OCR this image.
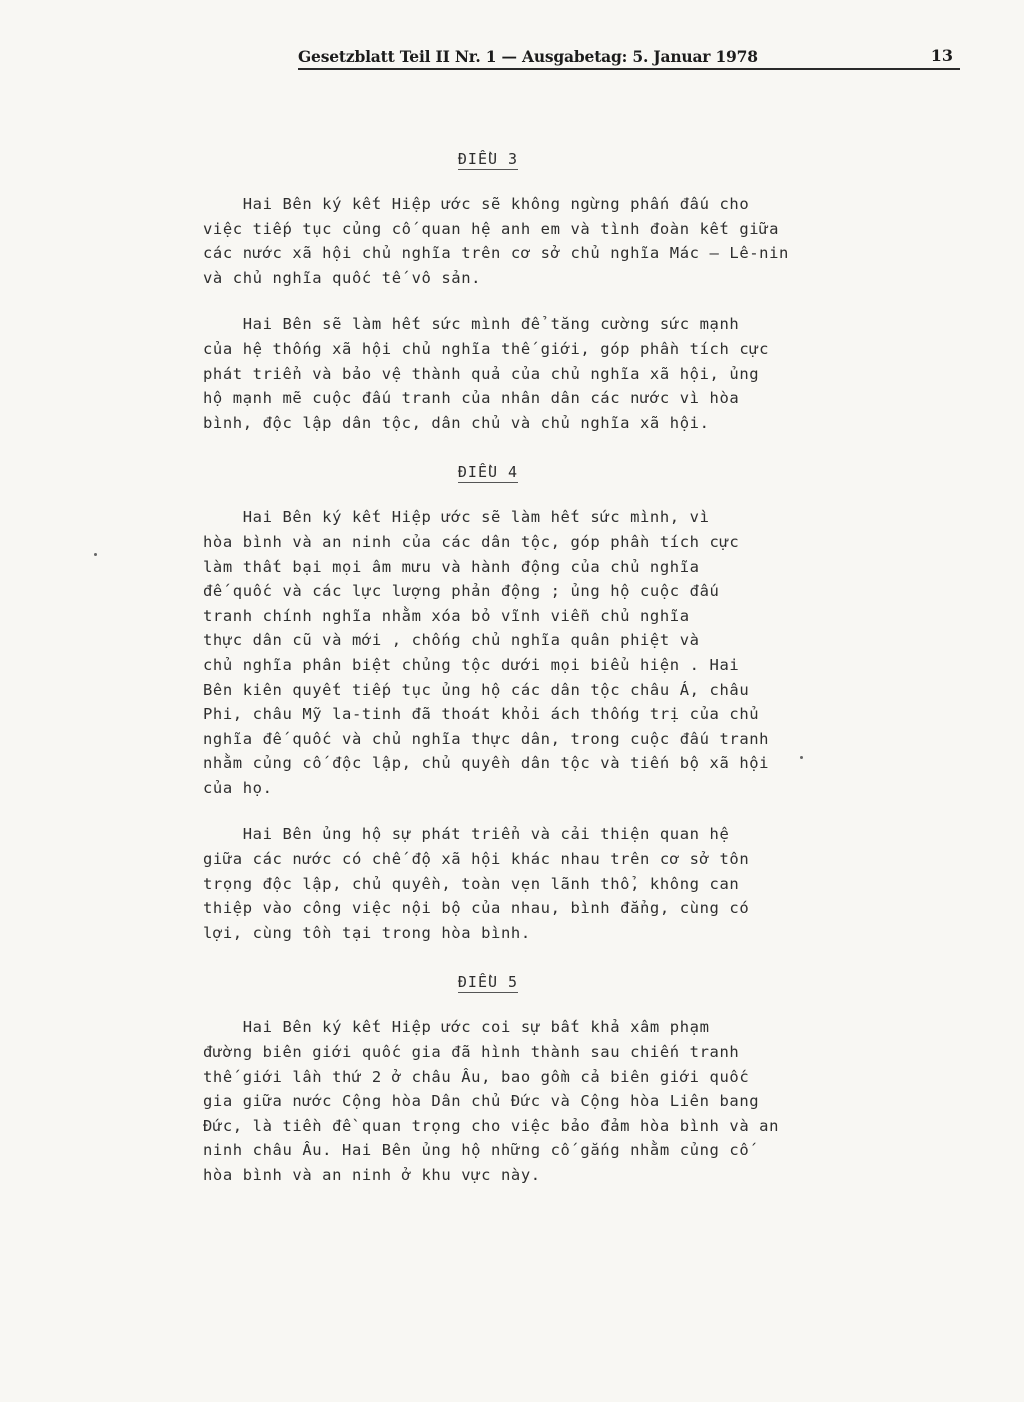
Gesetzblatt Teil II Nr. 1 — Ausgabetag: 5. Januar 1978	13
ĐIỀU 3
Hai Bên ký kết Hiệp ước sẽ không ngừng phấn đấu cho
việc tiếp tục củng cố quan hệ anh em và tình đoàn kết giữa
các nước xã hội chủ nghĩa trên cơ sở chủ nghĩa Mác – Lê-nin
và chủ nghĩa quốc tế vô sản.
Hai Bên sẽ làm hết sức mình để tăng cường sức mạnh
của hệ thống xã hội chủ nghĩa thế giới, góp phần tích cực
phát triển và bảo vệ thành quả của chủ nghĩa xã hội, ủng
hộ mạnh mẽ cuộc đấu tranh của nhân dân các nước vì hòa
bình, độc lập dân tộc, dân chủ và chủ nghĩa xã hội.
ĐIỀU 4
Hai Bên ký kết Hiệp ước sẽ làm hết sức mình, vì
hòa bình và an ninh của các dân tộc, góp phần tích cực
làm thất bại mọi âm mưu và hành động của chủ nghĩa
đế quốc và các lực lượng phản động ; ủng hộ cuộc đấu
tranh chính nghĩa nhằm xóa bỏ vĩnh viễn chủ nghĩa
thực dân cũ và mới , chống chủ nghĩa quân phiệt và
chủ nghĩa phân biệt chủng tộc dưới mọi biểu hiện . Hai
Bên kiên quyết tiếp tục ủng hộ các dân tộc châu Á, châu
Phi, châu Mỹ la-tinh đã thoát khỏi ách thống trị của chủ
nghĩa đế quốc và chủ nghĩa thực dân, trong cuộc đấu tranh
nhằm củng cố độc lập, chủ quyền dân tộc và tiến bộ xã hội
của họ.
Hai Bên ủng hộ sự phát triển và cải thiện quan hệ
giữa các nước có chế độ xã hội khác nhau trên cơ sở tôn
trọng độc lập, chủ quyền, toàn vẹn lãnh thổ, không can
thiệp vào công việc nội bộ của nhau, bình đẳng, cùng có
lợi, cùng tồn tại trong hòa bình.
ĐIỀU 5
Hai Bên ký kết Hiệp ước coi sự bất khả xâm phạm
đường biên giới quốc gia đã hình thành sau chiến tranh
thế giới lần thứ 2 ở châu Âu, bao gồm cả biên giới quốc
gia giữa nước Cộng hòa Dân chủ Đức và Cộng hòa Liên bang
Đức, là tiền đề quan trọng cho việc bảo đảm hòa bình và an
ninh châu Âu. Hai Bên ủng hộ những cố gắng nhằm củng cố
hòa bình và an ninh ở khu vực này.
